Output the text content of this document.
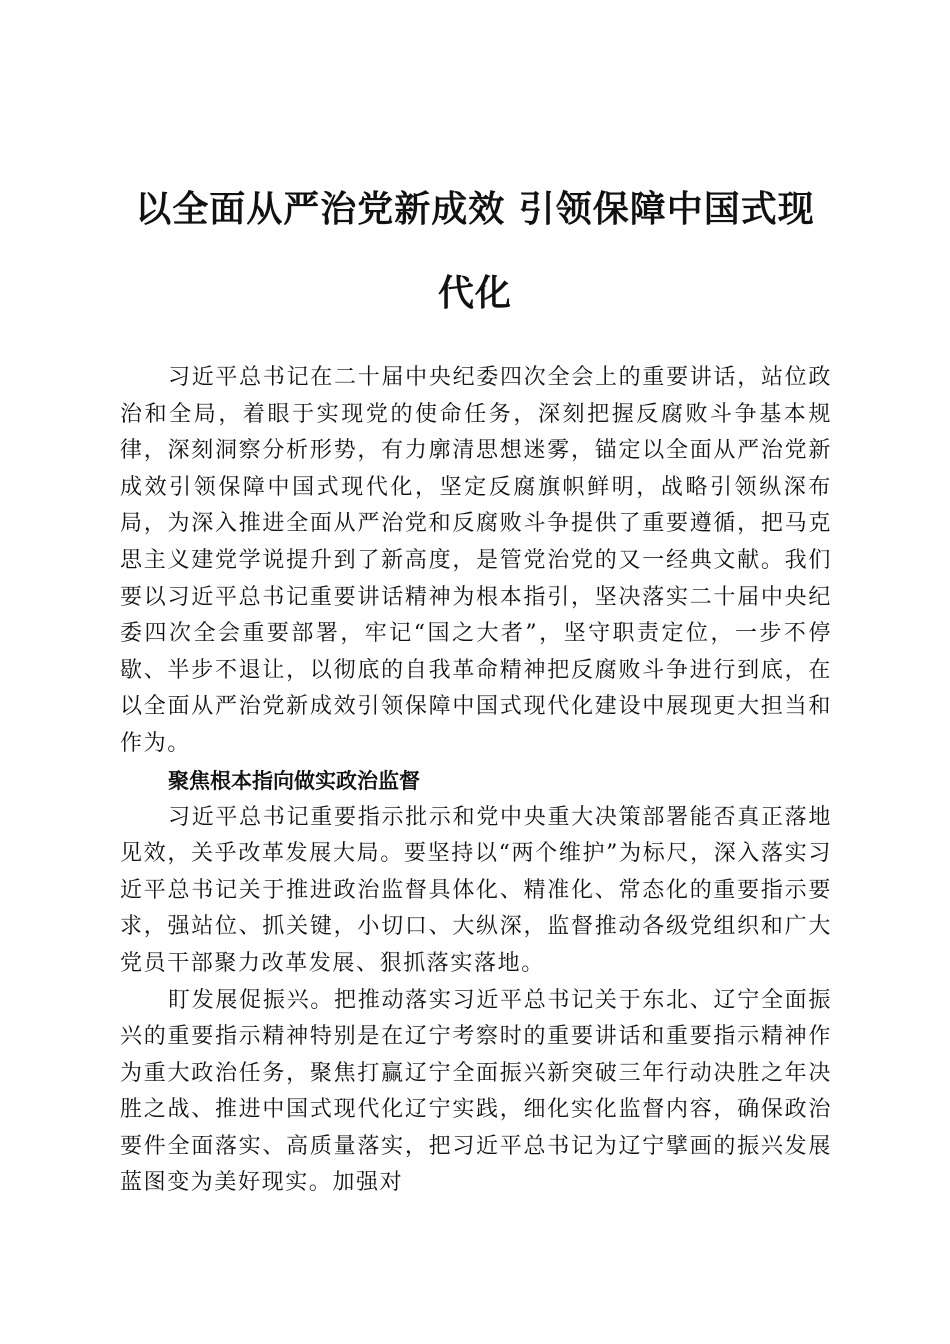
以全面从严治党新成效 引领保障中国式现代化

习近平总书记在二十届中央纪委四次全会上的重要讲话，站位政治和全局，着眼于实现党的使命任务，深刻把握反腐败斗争基本规律，深刻洞察分析形势，有力廓清思想迷雾，锚定以全面从严治党新成效引领保障中国式现代化，坚定反腐旗帜鲜明，战略引领纵深布局，为深入推进全面从严治党和反腐败斗争提供了重要遵循，把马克思主义建党学说提升到了新高度，是管党治党的又一经典文献。我们要以习近平总书记重要讲话精神为根本指引，坚决落实二十届中央纪委四次全会重要部署，牢记“国之大者”，坚守职责定位，一步不停歇、半步不退让，以彻底的自我革命精神把反腐败斗争进行到底，在以全面从严治党新成效引领保障中国式现代化建设中展现更大担当和作为。

聚焦根本指向做实政治监督

习近平总书记重要指示批示和党中央重大决策部署能否真正落地见效，关乎改革发展大局。要坚持以“两个维护”为标尺，深入落实习近平总书记关于推进政治监督具体化、精准化、常态化的重要指示要求，强站位、抓关键，小切口、大纵深，监督推动各级党组织和广大党员干部聚力改革发展、狠抓落实落地。

盯发展促振兴。把推动落实习近平总书记关于东北、辽宁全面振兴的重要指示精神特别是在辽宁考察时的重要讲话和重要指示精神作为重大政治任务，聚焦打赢辽宁全面振兴新突破三年行动决胜之年决胜之战、推进中国式现代化辽宁实践，细化实化监督内容，确保政治要件全面落实、高质量落实，把习近平总书记为辽宁擘画的振兴发展蓝图变为美好现实。加强对
